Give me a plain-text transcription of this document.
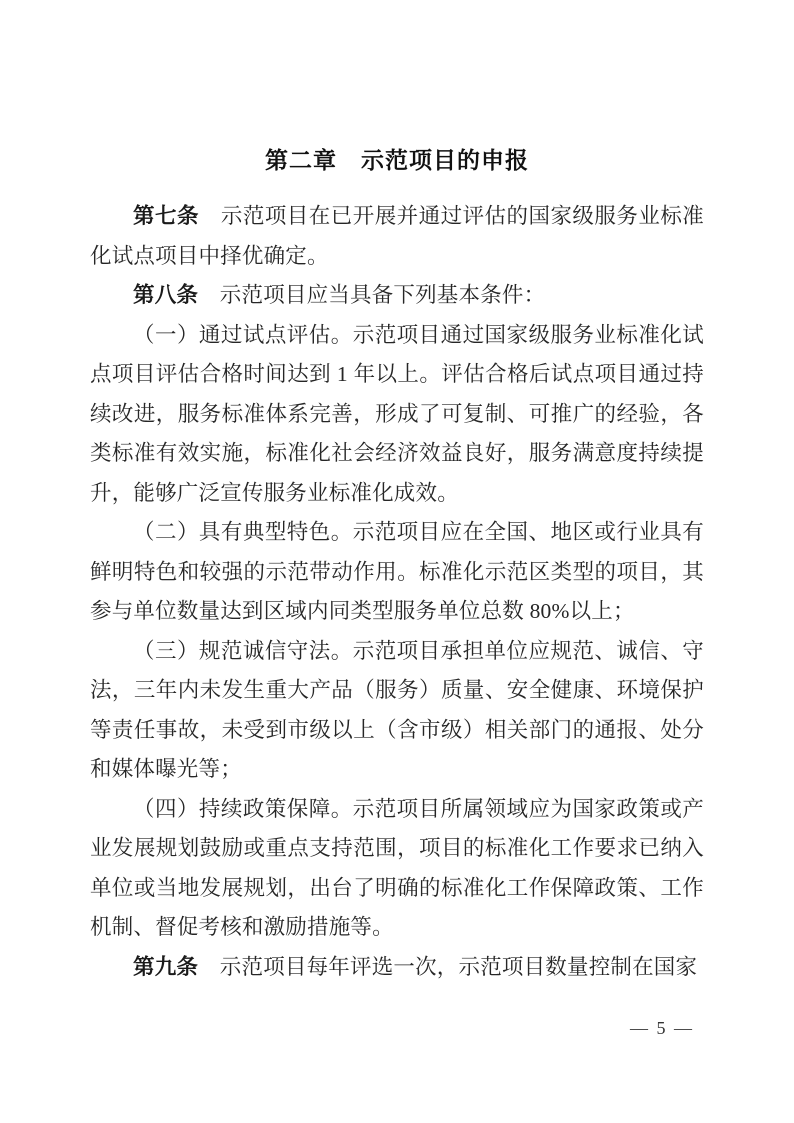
第二章　示范项目的申报

第七条　示范项目在已开展并通过评估的国家级服务业标准化试点项目中择优确定。

第八条　示范项目应当具备下列基本条件：

（一）通过试点评估。示范项目通过国家级服务业标准化试点项目评估合格时间达到 1 年以上。评估合格后试点项目通过持续改进，服务标准体系完善，形成了可复制、可推广的经验，各类标准有效实施，标准化社会经济效益良好，服务满意度持续提升，能够广泛宣传服务业标准化成效。

（二）具有典型特色。示范项目应在全国、地区或行业具有鲜明特色和较强的示范带动作用。标准化示范区类型的项目，其参与单位数量达到区域内同类型服务单位总数 80%以上；

（三）规范诚信守法。示范项目承担单位应规范、诚信、守法，三年内未发生重大产品（服务）质量、安全健康、环境保护等责任事故，未受到市级以上（含市级）相关部门的通报、处分和媒体曝光等；

（四）持续政策保障。示范项目所属领域应为国家政策或产业发展规划鼓励或重点支持范围，项目的标准化工作要求已纳入单位或当地发展规划，出台了明确的标准化工作保障政策、工作机制、督促考核和激励措施等。

第九条　示范项目每年评选一次，示范项目数量控制在国家

— 5 —
